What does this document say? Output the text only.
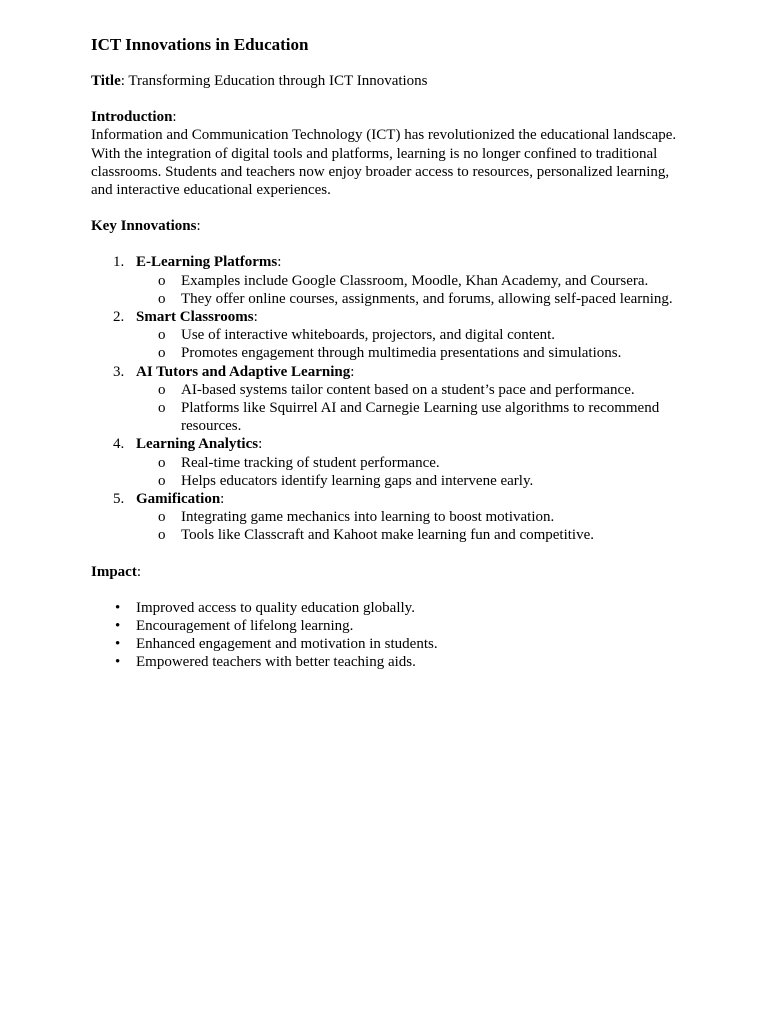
ICT Innovations in Education

Title: Transforming Education through ICT Innovations

Introduction:

Information and Communication Technology (ICT) has revolutionized the educational landscape. With the integration of digital tools and platforms, learning is no longer confined to traditional classrooms. Students and teachers now enjoy broader access to resources, personalized learning, and interactive educational experiences.

Key Innovations:

1. E-Learning Platforms:
o Examples include Google Classroom, Moodle, Khan Academy, and Coursera.
o They offer online courses, assignments, and forums, allowing self-paced learning.
2. Smart Classrooms:
o Use of interactive whiteboards, projectors, and digital content.
o Promotes engagement through multimedia presentations and simulations.
3. AI Tutors and Adaptive Learning:
o AI-based systems tailor content based on a student’s pace and performance.
o Platforms like Squirrel AI and Carnegie Learning use algorithms to recommend resources.
4. Learning Analytics:
o Real-time tracking of student performance.
o Helps educators identify learning gaps and intervene early.
5. Gamification:
o Integrating game mechanics into learning to boost motivation.
o Tools like Classcraft and Kahoot make learning fun and competitive.

Impact:

• Improved access to quality education globally.
• Encouragement of lifelong learning.
• Enhanced engagement and motivation in students.
• Empowered teachers with better teaching aids.
